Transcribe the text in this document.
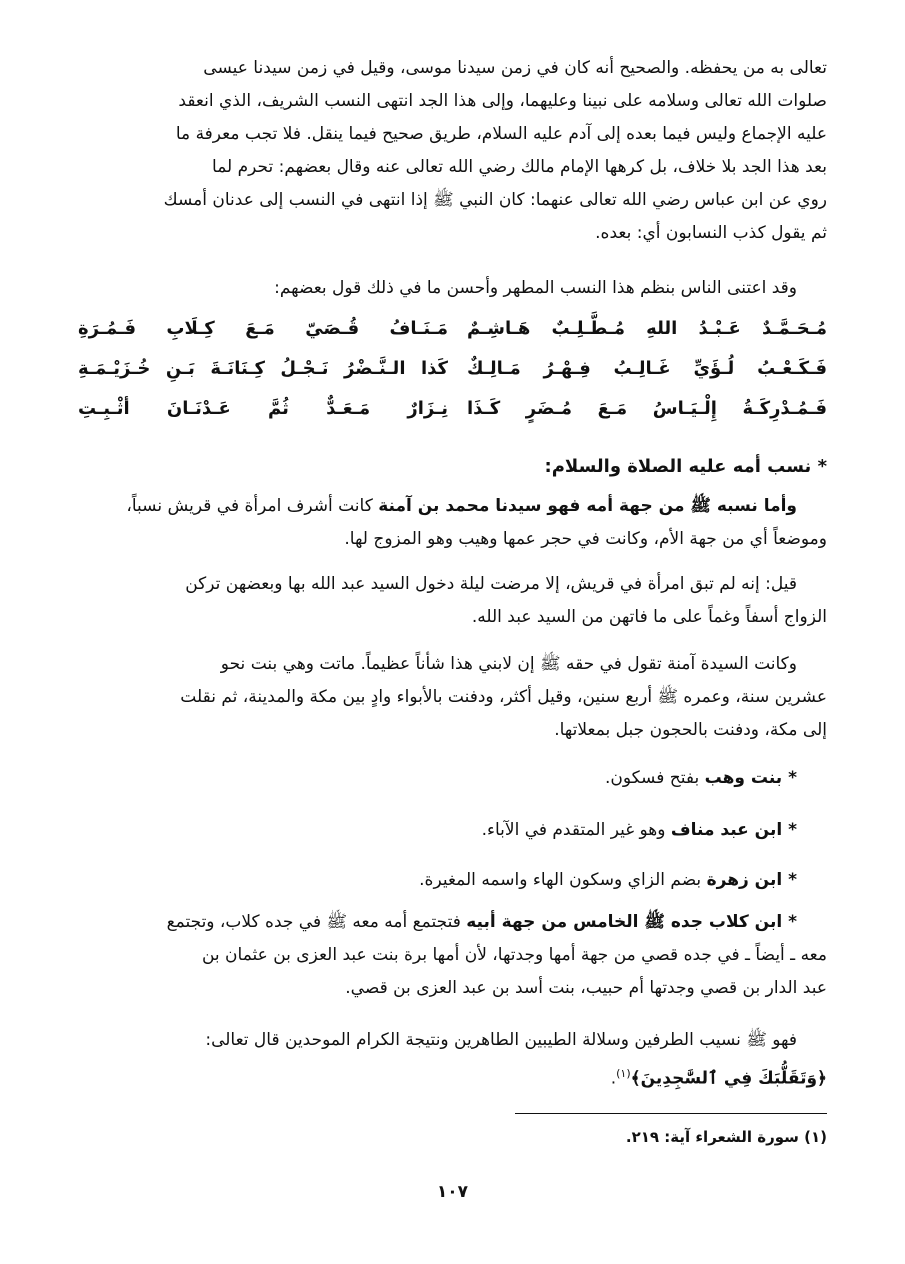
تعالى به من يحفظه. والصحيح أنه كان في زمن سيدنا موسى، وقيل في زمن سيدنا عيسى

صلوات الله تعالى وسلامه على نبينا وعليهما، وإلى هذا الجد انتهى النسب الشريف، الذي انعقد

عليه الإجماع وليس فيما بعده إلى آدم عليه السلام، طريق صحيح فيما ينقل. فلا تجب معرفة ما

بعد هذا الجد بلا خلاف، بل كرهها الإمام مالك رضي الله تعالى عنه وقال بعضهم: تحرم لما

روي عن ابن عباس رضي الله تعالى عنهما: كان النبي ﷺ إذا انتهى في النسب إلى عدنان أمسك

ثم يقول كذب النسابون أي: بعده.

وقد اعتنى الناس بنظم هذا النسب المطهر وأحسن ما في ذلك قول بعضهم:

مُـحَـمَّـدٌ عَـبْـدُ اللهِ مُـطَّـلِـبٌ هَـاشِـمٌ
مَـنَـافُ قُـصَيّ مَـعَ كِـلَابِ فَـمُـرَةِ
فَـكَـعْـبُ لُـؤَيِّ غَـالِـبُ فِـهْـرُ مَـالِـكٌ
كَذا الـنَّـضْرُ نَـجْـلُ كِـنَانَـةَ بَـنِ خُـزَيْـمَـةِ
فَـمُـدْرِكَـةُ إِلْـيَـاسُ مَـعَ مُـضَرٍ كَـذَا
نِـزَارٌ مَـعَـدٌّ ثُمَّ عَـدْنَـانَ أثْـبِـتِ
* نسب أمه عليه الصلاة والسلام:

وأما نسبه ﷺ من جهة أمه فهو سيدنا محمد بن آمنة كانت أشرف امرأة في قريش نسباً،

وموضعاً أي من جهة الأم، وكانت في حجر عمها وهيب وهو المزوج لها.

قيل: إنه لم تبق امرأة في قريش، إلا مرضت ليلة دخول السيد عبد الله بها وبعضهن تركن

الزواج أسفاً وغماً على ما فاتهن من السيد عبد الله.

وكانت السيدة آمنة تقول في حقه ﷺ إن لابني هذا شأناً عظيماً. ماتت وهي بنت نحو

عشرين سنة، وعمره ﷺ أربع سنين، وقيل أكثر، ودفنت بالأبواء وادٍ بين مكة والمدينة، ثم نقلت

إلى مكة، ودفنت بالحجون جبل بمعلاتها.

* بنت وهب بفتح فسكون.
* ابن عبد مناف وهو غير المتقدم في الآباء.
* ابن زهرة بضم الزاي وسكون الهاء واسمه المغيرة.

* ابن كلاب جده ﷺ الخامس من جهة أبيه فتجتمع أمه معه ﷺ في جده كلاب، وتجتمع

معه ـ أيضاً ـ في جده قصي من جهة أمها وجدتها، لأن أمها برة بنت عبد العزى بن عثمان بن

عبد الدار بن قصي وجدتها أم حبيب، بنت أسد بن عبد العزى بن قصي.

فهو ﷺ نسيب الطرفين وسلالة الطيبين الطاهرين ونتيجة الكرام الموحدين قال تعالى:

﴿وَتَقَلُّبَكَ فِي ٱلسَّٰجِدِينَ﴾$^{(١)}$.

(١) سورة الشعراء آية: ٢١٩.
١٠٧
